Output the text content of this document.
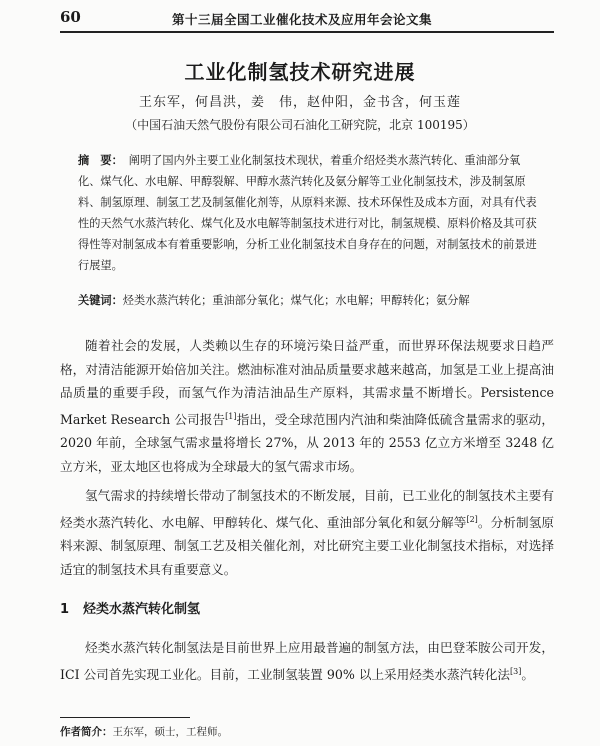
60	第十三届全国工业催化技术及应用年会论文集
工业化制氢技术研究进展
王东军，何昌洪，姜　伟，赵仲阳，金书含，何玉莲
（中国石油天然气股份有限公司石油化工研究院，北京 100195）
摘　要： 阐明了国内外主要工业化制氢技术现状，着重介绍烃类水蒸汽转化、重油部分氧化、煤气化、水电解、甲醇裂解、甲醇水蒸汽转化及氨分解等工业化制氢技术，涉及制氢原料、制氢原理、制氢工艺及制氢催化剂等，从原料来源、技术环保性及成本方面，对具有代表性的天然气水蒸汽转化、煤气化及水电解等制氢技术进行对比，制氢规模、原料价格及其可获得性等对制氢成本有着重要影响，分析工业化制氢技术自身存在的问题，对制氢技术的前景进行展望。
关键词：烃类水蒸汽转化；重油部分氧化；煤气化；水电解；甲醇转化；氨分解

随着社会的发展，人类赖以生存的环境污染日益严重，而世界环保法规要求日趋严格，对清洁能源开始倍加关注。燃油标准对油品质量要求越来越高，加氢是工业上提高油品质量的重要手段，而氢气作为清洁油品生产原料，其需求量不断增长。Persistence Market Research 公司报告[1]指出，受全球范围内汽油和柴油降低硫含量需求的驱动，2020 年前，全球氢气需求量将增长 27%，从 2013 年的 2553 亿立方米增至 3248 亿立方米，亚太地区也将成为全球最大的氢气需求市场。

氢气需求的持续增长带动了制氢技术的不断发展，目前，已工业化的制氢技术主要有烃类水蒸汽转化、水电解、甲醇转化、煤气化、重油部分氧化和氨分解等[2]。分析制氢原料来源、制氢原理、制氢工艺及相关催化剂，对比研究主要工业化制氢技术指标，对选择适宜的制氢技术具有重要意义。

1 烃类水蒸汽转化制氢

烃类水蒸汽转化制氢法是目前世界上应用最普遍的制氢方法，由巴登苯胺公司开发，ICI 公司首先实现工业化。目前，工业制氢装置 90% 以上采用烃类水蒸汽转化法[3]。

作者简介：王东军，硕士，工程师。
